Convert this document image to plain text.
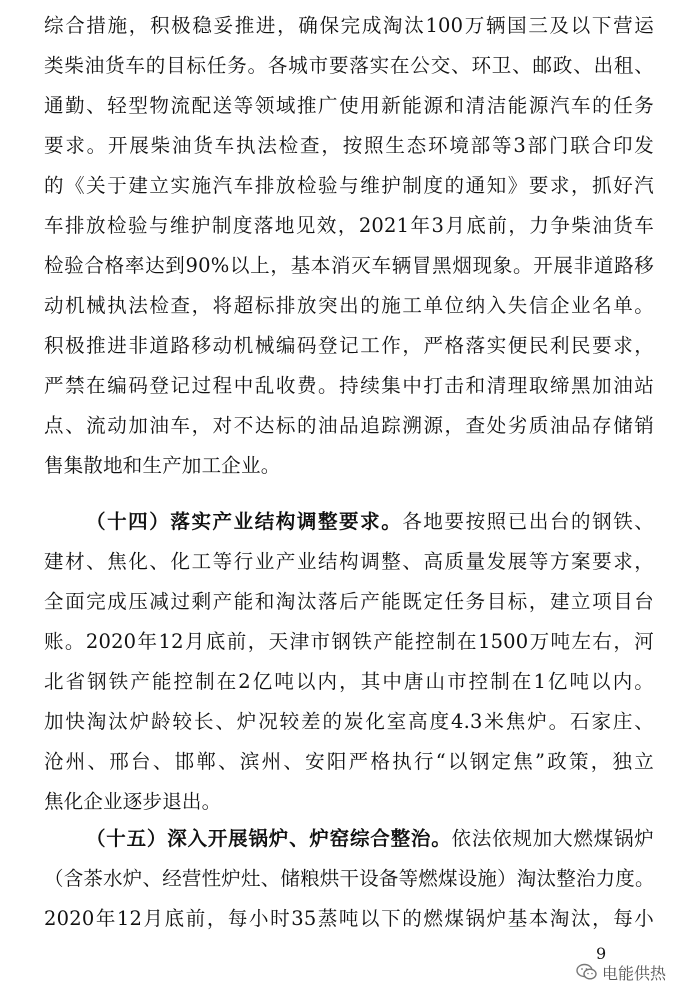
综合措施，积极稳妥推进，确保完成淘汰100万辆国三及以下营运
类柴油货车的目标任务。各城市要落实在公交、环卫、邮政、出租、
通勤、轻型物流配送等领域推广使用新能源和清洁能源汽车的任务
要求。开展柴油货车执法检查，按照生态环境部等3部门联合印发
的《关于建立实施汽车排放检验与维护制度的通知》要求，抓好汽
车排放检验与维护制度落地见效，2021年3月底前，力争柴油货车
检验合格率达到90%以上，基本消灭车辆冒黑烟现象。开展非道路移
动机械执法检查，将超标排放突出的施工单位纳入失信企业名单。
积极推进非道路移动机械编码登记工作，严格落实便民利民要求，
严禁在编码登记过程中乱收费。持续集中打击和清理取缔黑加油站
点、流动加油车，对不达标的油品追踪溯源，查处劣质油品存储销
售集散地和生产加工企业。
（十四）落实产业结构调整要求。各地要按照已出台的钢铁、
建材、焦化、化工等行业产业结构调整、高质量发展等方案要求，
全面完成压减过剩产能和淘汰落后产能既定任务目标，建立项目台
账。2020年12月底前，天津市钢铁产能控制在1500万吨左右，河
北省钢铁产能控制在2亿吨以内，其中唐山市控制在1亿吨以内。
加快淘汰炉龄较长、炉况较差的炭化室高度4.3米焦炉。石家庄、
沧州、邢台、邯郸、滨州、安阳严格执行“以钢定焦”政策，独立
焦化企业逐步退出。
（十五）深入开展锅炉、炉窑综合整治。依法依规加大燃煤锅炉
（含茶水炉、经营性炉灶、储粮烘干设备等燃煤设施）淘汰整治力度。
2020年12月底前，每小时35蒸吨以下的燃煤锅炉基本淘汰，每小
9
电能供热
